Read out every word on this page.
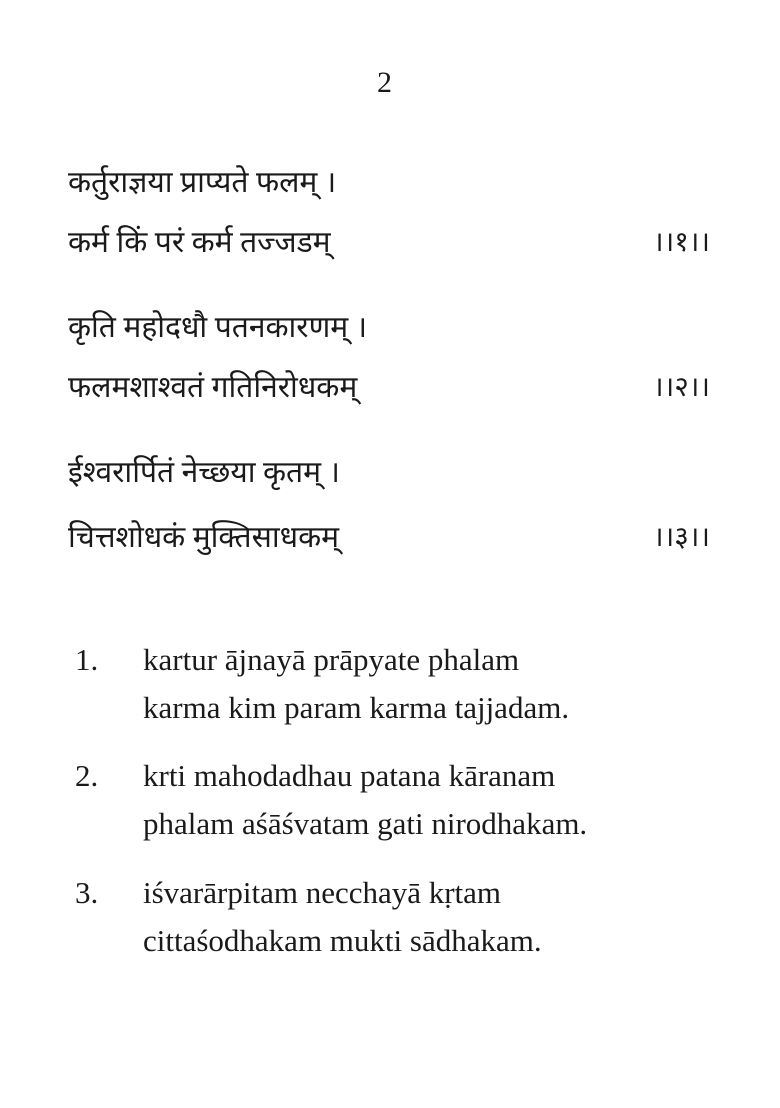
2
कर्तुराज्ञया प्राप्यते फलम् ।
कर्म किं परं कर्म तज्जडम्	।।१।।
कृति महोदधौ पतनकारणम् ।
फलमशाश्वतं गतिनिरोधकम्	।।२।।
ईश्वरार्पितं नेच्छया कृतम् ।
चित्तशोधकं मुक्तिसाधकम्	।।३।।
1. kartur ājnayā prāpyate phalam
karma kim param karma tajjadam.
2. krti mahodadhau patana kāranam
phalam aśāśvatam gati nirodhakam.
3. iśvarārpitam necchayā kṛtam
cittaśodhakam mukti sādhakam.
